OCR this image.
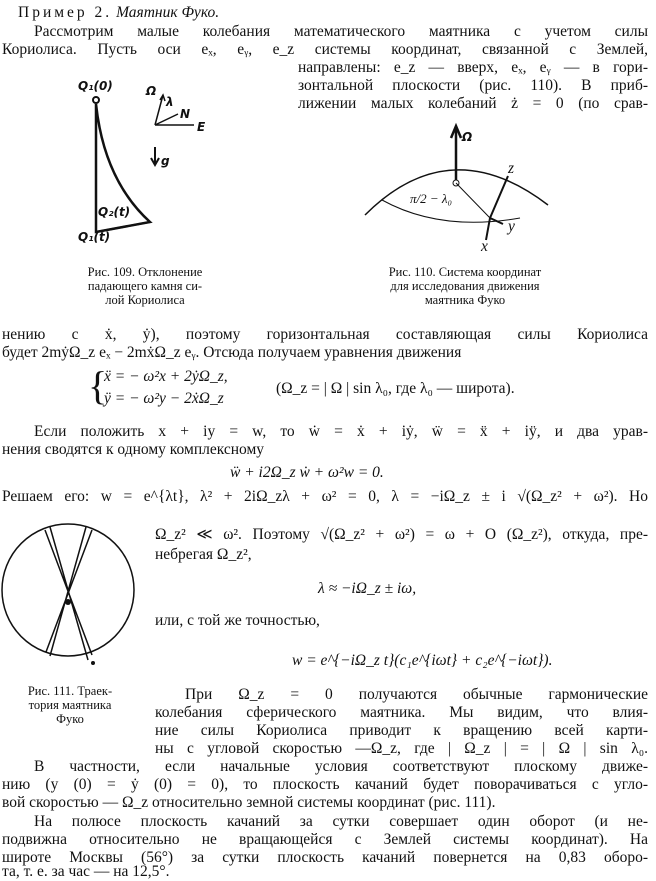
Пример 2. Маятник Фуко.
Рассмотрим малые колебания математического маятника с учетом силы
Кориолиса. Пусть оси eₓ, eᵧ, e_z системы координат, связанной с Землей,
направлены: e_z — вверх, eₓ, eᵧ — в гори-
зонтальной плоскости (рис. 110). В приб-
лижении малых колебаний ż = 0 (по срав-
Q₁(0)	Ω
λ
N
E
g
Q₂(t)
Q₁(t)
Рис. 109. Отклонение
падающего камня си-
лой Кориолиса
Ω
π/2 − λ₀
z
y
x
Рис. 110. Система координат
для исследования движения
маятника Фуко
нению с ẋ, ẏ), поэтому горизонтальная составляющая силы Кориолиса
будет 2mẏΩ_z eₓ − 2mẋΩ_z eᵧ. Отсюда получаем уравнения движения
{
ẍ = − ω²x + 2ẏΩ_z,
ÿ = − ω²y − 2ẋΩ_z
(Ω_z = | Ω | sin λ₀, где λ₀ — широта).
Если положить x + iy = w, то ẇ = ẋ + iẏ, ẅ = ẍ + iÿ, и два урав-
нения сводятся к одному комплексному
ẅ + i2Ω_z ẇ + ω²w = 0.
Решаем его: w = e^{λt}, λ² + 2iΩ_zλ + ω² = 0, λ = −iΩ_z ± i √(Ω_z² + ω²). Но
Ω_z² ≪ ω². Поэтому √(Ω_z² + ω²) = ω + O (Ω_z²), откуда, пре-
небрегая Ω_z²,
λ ≈ −iΩ_z ± iω,
или, с той же точностью,
w = e^{−iΩ_z t}(c₁e^{iωt} + c₂e^{−iωt}).
Рис. 111. Траек-
тория маятника
Фуко
При Ω_z = 0 получаются обычные гармонические
колебания сферического маятника. Мы видим, что влия-
ние силы Кориолиса приводит к вращению всей карти-
ны с угловой скоростью —Ω_z, где | Ω_z | = | Ω | sin λ₀.
В частности, если начальные условия соответствуют плоскому движе-
нию (y (0) = ẏ (0) = 0), то плоскость качаний будет поворачиваться с угло-
вой скоростью — Ω_z относительно земной системы координат (рис. 111).
На полюсе плоскость качаний за сутки совершает один оборот (и не-
подвижна относительно не вращающейся с Землей системы координат). На
широте Москвы (56°) за сутки плоскость качаний повернется на 0,83 оборо-
та, т. е. за час — на 12,5°.
